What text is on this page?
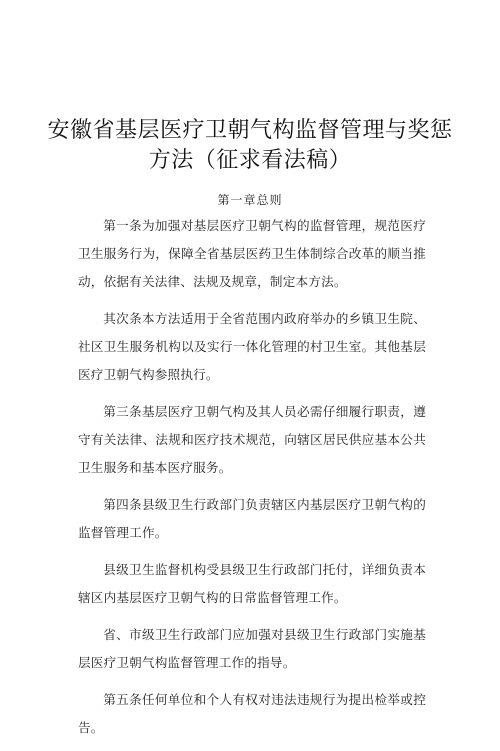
安徽省基层医疗卫朝气构监督管理与奖惩
方法（征求看法稿）
第一章总则

第一条为加强对基层医疗卫朝气构的监督管理，规范医疗卫生服务行为，保障全省基层医药卫生体制综合改革的顺当推动，依据有关法律、法规及规章，制定本方法。

其次条本方法适用于全省范围内政府举办的乡镇卫生院、社区卫生服务机构以及实行一体化管理的村卫生室。其他基层医疗卫朝气构参照执行。

第三条基层医疗卫朝气构及其人员必需仔细履行职责，遵守有关法律、法规和医疗技术规范，向辖区居民供应基本公共卫生服务和基本医疗服务。

第四条县级卫生行政部门负责辖区内基层医疗卫朝气构的监督管理工作。

县级卫生监督机构受县级卫生行政部门托付，详细负责本辖区内基层医疗卫朝气构的日常监督管理工作。

省、市级卫生行政部门应加强对县级卫生行政部门实施基层医疗卫朝气构监督管理工作的指导。

第五条任何单位和个人有权对违法违规行为提出检举或控告。
